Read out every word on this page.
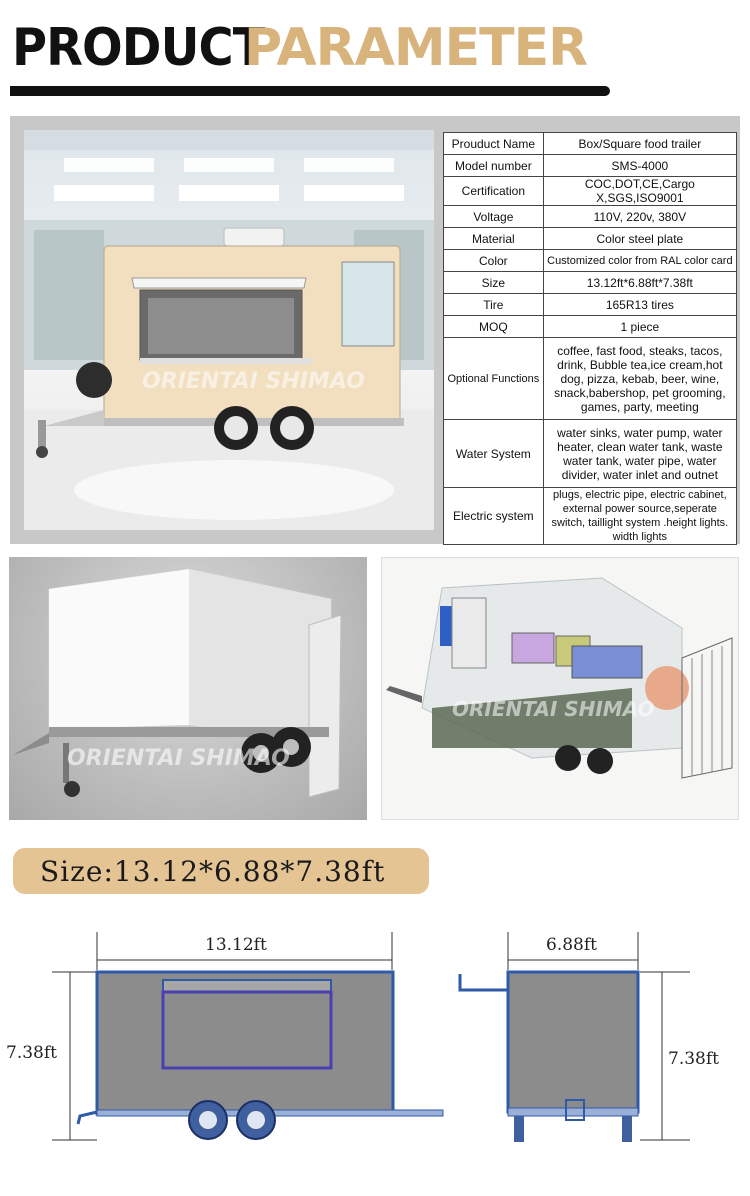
PRODUCT
PARAMETER
ORIENTAI SHIMAO
Prouduct Name	Box/Square food trailer
Model number	SMS-4000
Certification	COC,DOT,CE,Cargo X,SGS,ISO9001
Voltage	110V, 220v, 380V
Material	Color steel plate
Color	Customized color from RAL color card
Size	13.12ft*6.88ft*7.38ft
Tire	165R13 tires
MOQ	1 piece
Optional Functions	coffee, fast food, steaks, tacos, drink, Bubble tea,ice cream,hot dog, pizza, kebab, beer, wine, snack,babershop, pet grooming, games, party, meeting
Water System	water sinks, water pump, water heater, clean water tank, waste water tank, water pipe, water divider, water inlet and outnet
Electric system	plugs, electric pipe, electric cabinet, external power source,seperate switch, taillight system .height lights. width lights
ORIENTAI SHIMAO
ORIENTAI SHIMAO
Size:13.12*6.88*7.38ft
13.12ft
7.38ft
6.88ft
7.38ft
